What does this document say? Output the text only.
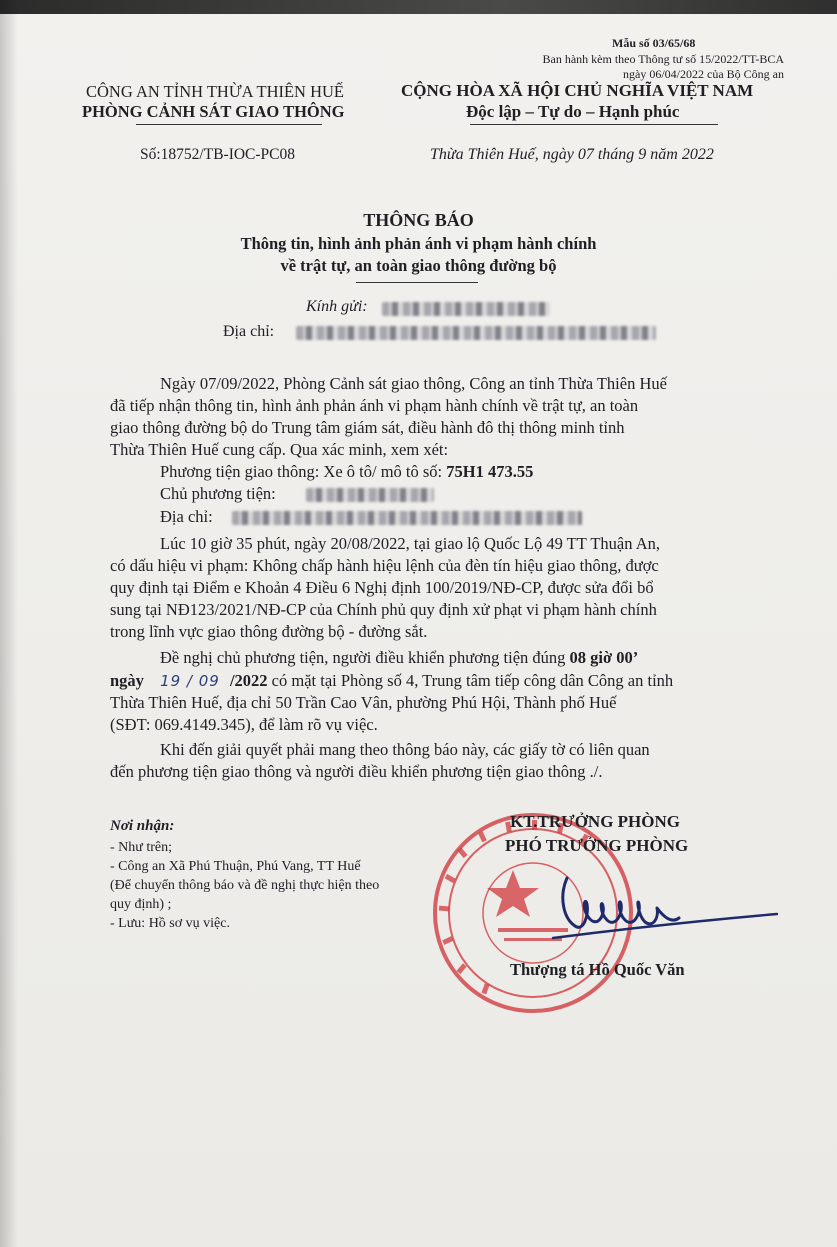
Mẫu số 03/65/68
Ban hành kèm theo Thông tư số 15/2022/TT-BCA
ngày 06/04/2022 của Bộ Công an
CÔNG AN TỈNH THỪA THIÊN HUẾ
PHÒNG CẢNH SÁT GIAO THÔNG
CỘNG HÒA XÃ HỘI CHỦ NGHĨA VIỆT NAM
Độc lập – Tự do – Hạnh phúc
Số:18752/TB-IOC-PC08	Thừa Thiên Huế, ngày 07 tháng 9 năm 2022
THÔNG BÁO
Thông tin, hình ảnh phản ánh vi phạm hành chính
về trật tự, an toàn giao thông đường bộ
Kính gửi:
Địa chỉ:
Ngày 07/09/2022, Phòng Cảnh sát giao thông, Công an tỉnh Thừa Thiên Huế
đã tiếp nhận thông tin, hình ảnh phản ánh vi phạm hành chính về trật tự, an toàn
giao thông đường bộ do Trung tâm giám sát, điều hành đô thị thông minh tỉnh
Thừa Thiên Huế cung cấp. Qua xác minh, xem xét:
Phương tiện giao thông: Xe ô tô/ mô tô số: 75H1 473.55
Chủ phương tiện:
Địa chỉ:
Lúc 10 giờ 35 phút, ngày 20/08/2022, tại giao lộ Quốc Lộ 49 TT Thuận An,
có dấu hiệu vi phạm: Không chấp hành hiệu lệnh của đèn tín hiệu giao thông, được
quy định tại Điểm e Khoản 4 Điều 6 Nghị định 100/2019/NĐ-CP, được sửa đổi bổ
sung tại NĐ123/2021/NĐ-CP của Chính phủ quy định xử phạt vi phạm hành chính
trong lĩnh vực giao thông đường bộ - đường sắt.
Đề nghị chủ phương tiện, người điều khiển phương tiện đúng 08 giờ 00’
ngày 19 / 09 /2022 có mặt tại Phòng số 4, Trung tâm tiếp công dân Công an tỉnh
Thừa Thiên Huế, địa chỉ 50 Trần Cao Vân, phường Phú Hội, Thành phố Huế
(SĐT: 069.4149.345), để làm rõ vụ việc.
Khi đến giải quyết phải mang theo thông báo này, các giấy tờ có liên quan
đến phương tiện giao thông và người điều khiển phương tiện giao thông ./.
Nơi nhận:
- Như trên;
- Công an Xã Phú Thuận, Phú Vang, TT Huế
(Để chuyển thông báo và đề nghị thực hiện theo
quy định) ;
- Lưu: Hồ sơ vụ việc.
KT.TRƯỞNG PHÒNG
PHÓ TRƯỞNG PHÒNG
Thượng tá Hồ Quốc Văn
